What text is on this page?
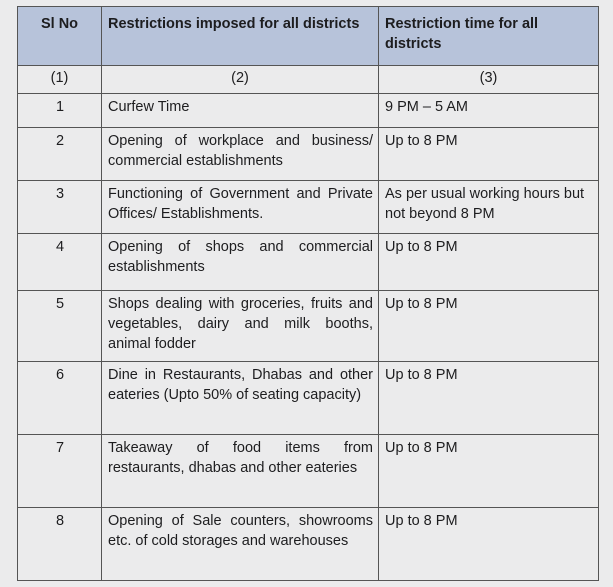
Sl No	Restrictions imposed for all districts	Restriction time for all districts
(1)	(2)	(3)
1	Curfew Time	9 PM – 5 AM
2	Opening of workplace and business/ commercial establishments	Up to 8 PM
3	Functioning of Government and Private Offices/ Establishments.	As per usual working hours but not beyond 8 PM
4	Opening of shops and commercial establishments	Up to 8 PM
5	Shops dealing with groceries, fruits and vegetables, dairy and milk booths, animal fodder	Up to 8 PM
6	Dine in Restaurants, Dhabas and other eateries (Upto 50% of seating capacity)	Up to 8 PM
7	Takeaway of food items from restaurants, dhabas and other eateries	Up to 8 PM
8	Opening of Sale counters, showrooms etc. of cold storages and warehouses	Up to 8 PM
